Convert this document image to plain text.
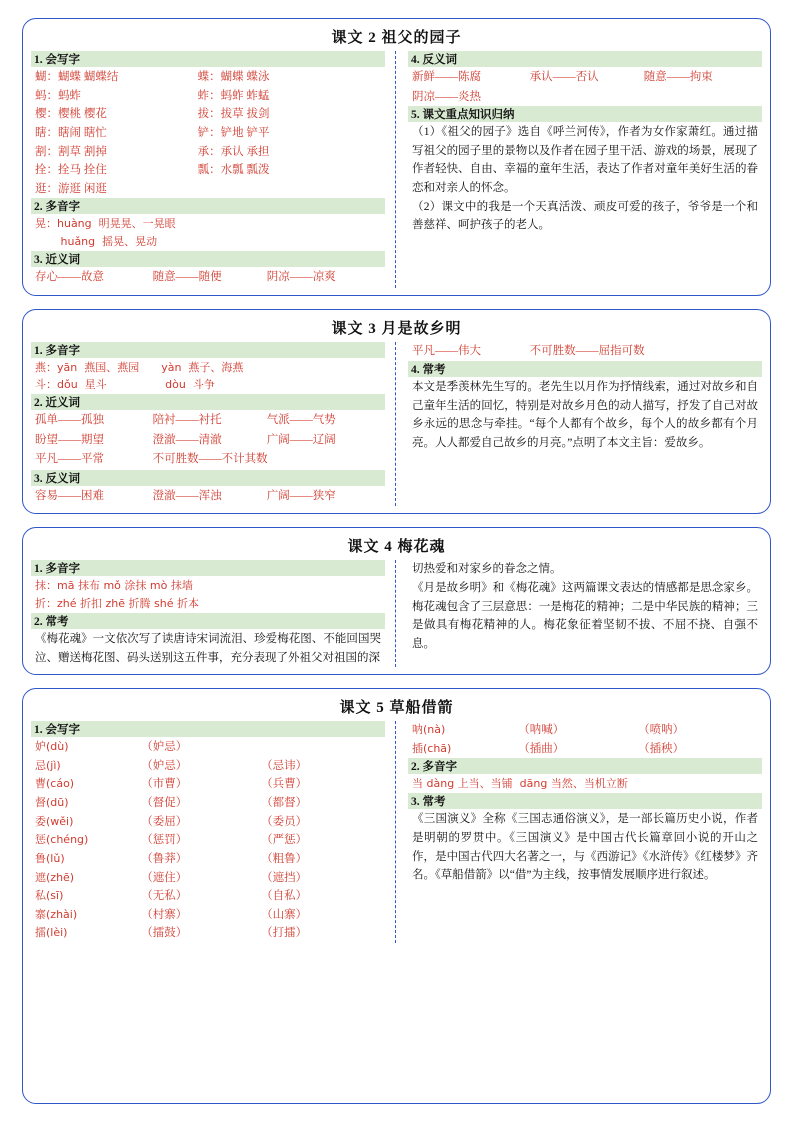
课文 2 祖父的园子
1. 会写字
蝴：蝴蝶 蝴蝶结	蝶：蝴蝶 蝶泳
蚂：蚂蚱	蚱：蚂蚱 蚱蜢
樱：樱桃 樱花	拔：拔草 拔剑
瞎：瞎闹 瞎忙	铲：铲地 铲平
割：割草 割掉	承：承认 承担
拴：拴马 拴住	瓢：水瓢 瓢泼
逛：游逛 闲逛
2. 多音字
晃：huàng  明晃晃、一晃眼
　　 huǎng  摇晃、晃动
3. 近义词
存心——故意	随意——随便	阴凉——凉爽
4. 反义词
新鲜——陈腐	承认——否认	随意——拘束
阴凉——炎热
5. 课文重点知识归纳
（1）《祖父的园子》选自《呼兰河传》，作者为女作家萧红。通过描写祖父的园子里的景物以及作者在园子里干活、游戏的场景，展现了作者轻快、自由、幸福的童年生活，表达了作者对童年美好生活的眷恋和对亲人的怀念。
（2）课文中的我是一个天真活泼、顽皮可爱的孩子，爷爷是一个和善慈祥、呵护孩子的老人。
课文 3 月是故乡明
1. 多音字
燕：yān  燕国、燕园　　yàn  燕子、海燕
斗：dǒu  星斗　　　　　 dòu  斗争
2. 近义词
孤单——孤独	陪衬——衬托	气派——气势
盼望——期望	澄澈——清澈	广阔——辽阔
平凡——平常	不可胜数——不计其数
3. 反义词
容易——困难	澄澈——浑浊	广阔——狭窄
平凡——伟大	不可胜数——屈指可数
4. 常考
本文是季羡林先生写的。老先生以月作为抒情线索，通过对故乡和自己童年生活的回忆，特别是对故乡月色的动人描写，抒发了自己对故乡永远的思念与牵挂。“每个人都有个故乡，每个人的故乡都有个月亮。人人都爱自己故乡的月亮。”点明了本文主旨：爱故乡。
课文 4 梅花魂
1. 多音字
抹：mā 抹布 mǒ 涂抹 mò 抹墙
折：zhé 折扣 zhē 折腾 shé 折本
2. 常考
《梅花魂》一文依次写了读唐诗宋词流泪、珍爱梅花图、不能回国哭泣、赠送梅花图、码头送别这五件事，充分表现了外祖父对祖国的深
切热爱和对家乡的眷念之情。
《月是故乡明》和《梅花魂》这两篇课文表达的情感都是思念家乡。梅花魂包含了三层意思：一是梅花的精神；二是中华民族的精神；三是做具有梅花精神的人。梅花象征着坚韧不拔、不屈不挠、自强不息。
课文 5 草船借箭
1. 会写字
妒(dù)	（妒忌）
忌(jì)	（妒忌）	（忌讳）
曹(cáo)	（市曹）	（兵曹）
督(dū)	（督促）	（都督）
委(wěi)	（委屈）	（委员）
惩(chéng)	（惩罚）	（严惩）
鲁(lǔ)	（鲁莽）	（粗鲁）
遮(zhē)	（遮住）	（遮挡）
私(sī)	（无私）	（自私）
寨(zhài)	（村寨）	（山寨）
擂(lèi)	（擂鼓）	（打擂）
呐(nà)	（呐喊）	（喷呐）
插(chā)	（插曲）	（插秧）
2. 多音字
当 dàng 上当、当铺  dāng 当然、当机立断
3. 常考
《三国演义》全称《三国志通俗演义》，是一部长篇历史小说，作者是明朝的罗贯中。《三国演义》是中国古代长篇章回小说的开山之作，是中国古代四大名著之一，与《西游记》《水浒传》《红楼梦》齐名。《草船借箭》以“借”为主线，按事情发展顺序进行叙述。
